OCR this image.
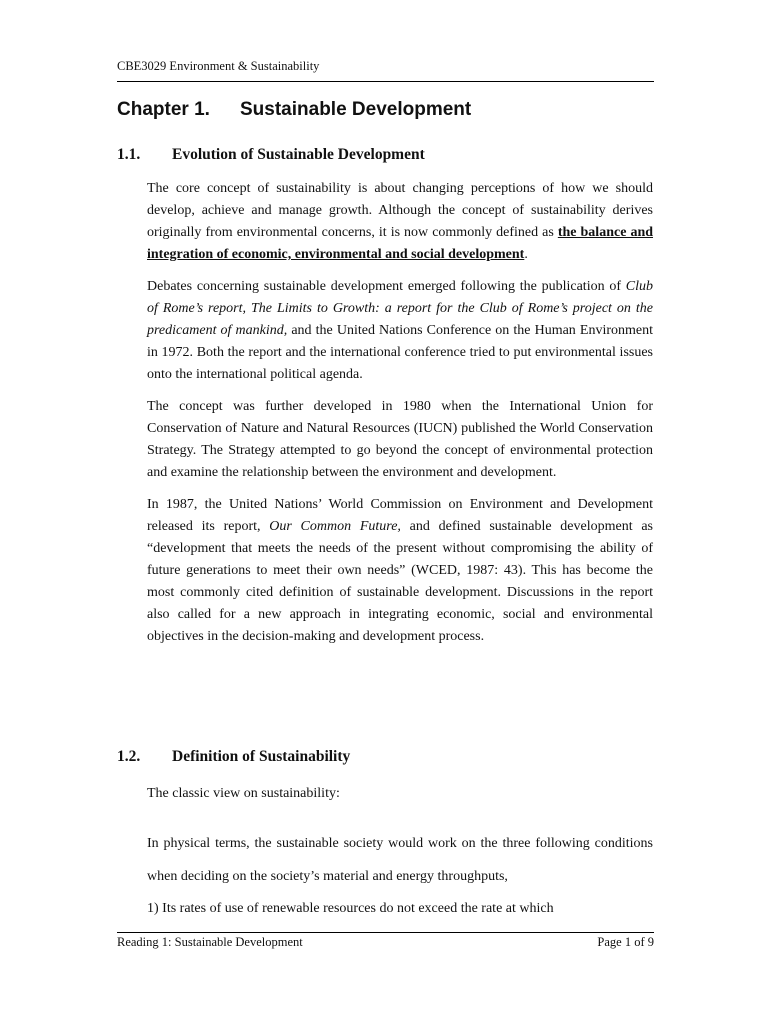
CBE3029 Environment & Sustainability
Chapter 1. Sustainable Development
1.1. Evolution of Sustainable Development

The core concept of sustainability is about changing perceptions of how we should develop, achieve and manage growth. Although the concept of sustainability derives originally from environmental concerns, it is now commonly defined as the balance and integration of economic, environmental and social development.

Debates concerning sustainable development emerged following the publication of Club of Rome’s report, The Limits to Growth: a report for the Club of Rome’s project on the predicament of mankind, and the United Nations Conference on the Human Environment in 1972. Both the report and the international conference tried to put environmental issues onto the international political agenda.

The concept was further developed in 1980 when the International Union for Conservation of Nature and Natural Resources (IUCN) published the World Conservation Strategy. The Strategy attempted to go beyond the concept of environmental protection and examine the relationship between the environment and development.

In 1987, the United Nations’ World Commission on Environment and Development released its report, Our Common Future, and defined sustainable development as “development that meets the needs of the present without compromising the ability of future generations to meet their own needs” (WCED, 1987: 43). This has become the most commonly cited definition of sustainable development. Discussions in the report also called for a new approach in integrating economic, social and environmental objectives in the decision-making and development process.

1.2. Definition of Sustainability

The classic view on sustainability:

In physical terms, the sustainable society would work on the three following conditions when deciding on the society’s material and energy throughputs,

1) Its rates of use of renewable resources do not exceed the rate at which

Reading 1: Sustainable Development	Page 1 of 9
